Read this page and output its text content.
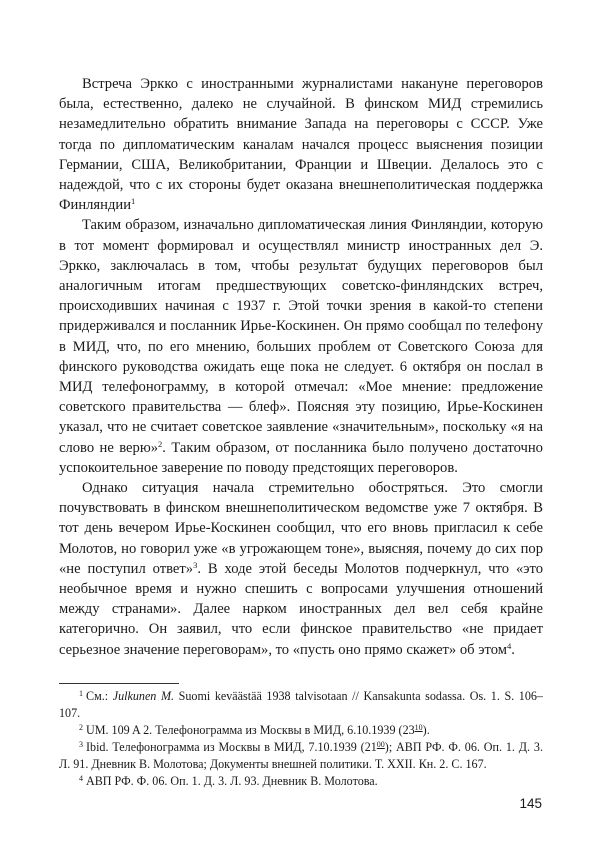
Встреча Эркко с иностранными журналистами накануне переговоров была, естественно, далеко не случайной. В финском МИД стремились незамедлительно обратить внимание Запада на переговоры с СССР. Уже тогда по дипломатическим каналам начался процесс выяснения позиции Германии, США, Великобритании, Франции и Швеции. Делалось это с надеждой, что с их стороны будет оказана внешнеполитическая поддержка Финляндии$^1$

Таким образом, изначально дипломатическая линия Финляндии, которую в тот момент формировал и осуществлял министр иностранных дел Э. Эркко, заключалась в том, чтобы результат будущих переговоров был аналогичным итогам предшествующих советско-финляндских встреч, происходивших начиная с 1937 г. Этой точки зрения в какой-то степени придерживался и посланник Ирье-Коскинен. Он прямо сообщал по телефону в МИД, что, по его мнению, больших проблем от Советского Союза для финского руководства ожидать еще пока не следует. 6 октября он послал в МИД телефонограмму, в которой отмечал: «Мое мнение: предложение советского правительства — блеф». Поясняя эту позицию, Ирье-Коскинен указал, что не считает советское заявление «значительным», поскольку «я на слово не верю»$^2$. Таким образом, от посланника было получено достаточно успокоительное заверение по поводу предстоящих переговоров.

Однако ситуация начала стремительно обостряться. Это смогли почувствовать в финском внешнеполитическом ведомстве уже 7 октября. В тот день вечером Ирье-Коскинен сообщил, что его вновь пригласил к себе Молотов, но говорил уже «в угрожающем тоне», выясняя, почему до сих пор «не поступил ответ»$^3$. В ходе этой беседы Молотов подчеркнул, что «это необычное время и нужно спешить с вопросами улучшения отношений между странами». Далее нарком иностранных дел вел себя крайне категорично. Он заявил, что если финское правительство «не придает серьезное значение переговорам», то «пусть оно прямо скажет» об этом$^4$.

$^1$ См.: Julkunen M. Suomi keväästää 1938 talvisotaan // Kansakunta sodassa. Os. 1. S. 106–107.

$^2$ UM. 109 A 2. Телефонограмма из Москвы в МИД, 6.10.1939 $(23^{10})$.

$^3$ Ibid. Телефонограмма из Москвы в МИД, 7.10.1939 $(21^{00})$; АВП РФ. Ф. 06. Оп. 1. Д. 3. Л. 91. Дневник В. Молотова; Документы внешней политики. Т. XXII. Кн. 2. С. 167.

$^4$ АВП РФ. Ф. 06. Оп. 1. Д. 3. Л. 93. Дневник В. Молотова.

145
